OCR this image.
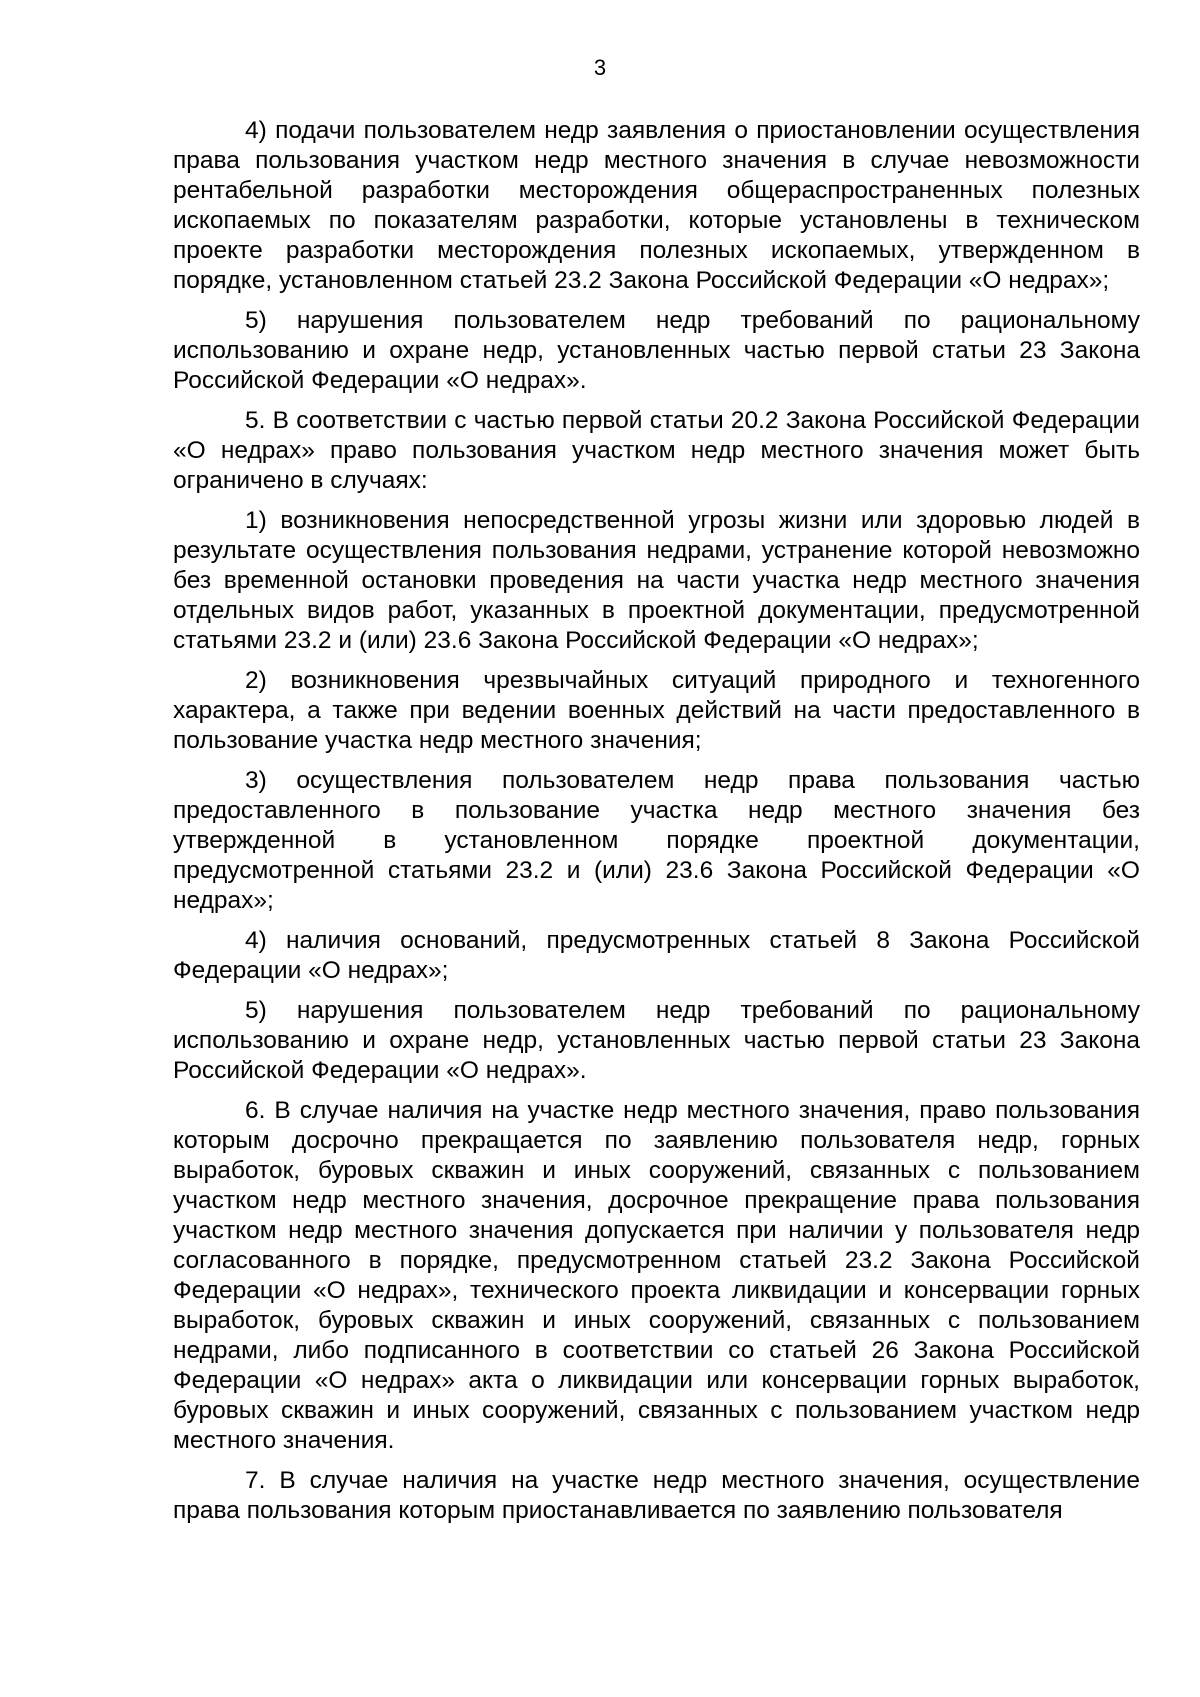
3

4) подачи пользователем недр заявления о приостановлении осуществления права пользования участком недр местного значения в случае невозможности рентабельной разработки месторождения общераспространенных полезных ископаемых по показателям разработки, которые установлены в техническом проекте разработки месторождения полезных ископаемых, утвержденном в порядке, установленном статьей 23.2 Закона Российской Федерации «О недрах»;

5) нарушения пользователем недр требований по рациональному использованию и охране недр, установленных частью первой статьи 23 Закона Российской Федерации «О недрах».

5. В соответствии с частью первой статьи 20.2 Закона Российской Федерации «О недрах» право пользования участком недр местного значения может быть ограничено в случаях:

1) возникновения непосредственной угрозы жизни или здоровью людей в результате осуществления пользования недрами, устранение которой невозможно без временной остановки проведения на части участка недр местного значения отдельных видов работ, указанных в проектной документации, предусмотренной статьями 23.2 и (или) 23.6 Закона Российской Федерации «О недрах»;

2) возникновения чрезвычайных ситуаций природного и техногенного характера, а также при ведении военных действий на части предоставленного в пользование участка недр местного значения;

3) осуществления пользователем недр права пользования частью предоставленного в пользование участка недр местного значения без утвержденной в установленном порядке проектной документации, предусмотренной статьями 23.2 и (или) 23.6 Закона Российской Федерации «О недрах»;

4) наличия оснований, предусмотренных статьей 8 Закона Российской Федерации «О недрах»;

5) нарушения пользователем недр требований по рациональному использованию и охране недр, установленных частью первой статьи 23 Закона Российской Федерации «О недрах».

6. В случае наличия на участке недр местного значения, право пользования которым досрочно прекращается по заявлению пользователя недр, горных выработок, буровых скважин и иных сооружений, связанных с пользованием участком недр местного значения, досрочное прекращение права пользования участком недр местного значения допускается при наличии у пользователя недр согласованного в порядке, предусмотренном статьей 23.2 Закона Российской Федерации «О недрах», технического проекта ликвидации и консервации горных выработок, буровых скважин и иных сооружений, связанных с пользованием недрами, либо подписанного в соответствии со статьей 26 Закона Российской Федерации «О недрах» акта о ликвидации или консервации горных выработок, буровых скважин и иных сооружений, связанных с пользованием участком недр местного значения.

7. В случае наличия на участке недр местного значения, осуществление права пользования которым приостанавливается по заявлению пользователя
